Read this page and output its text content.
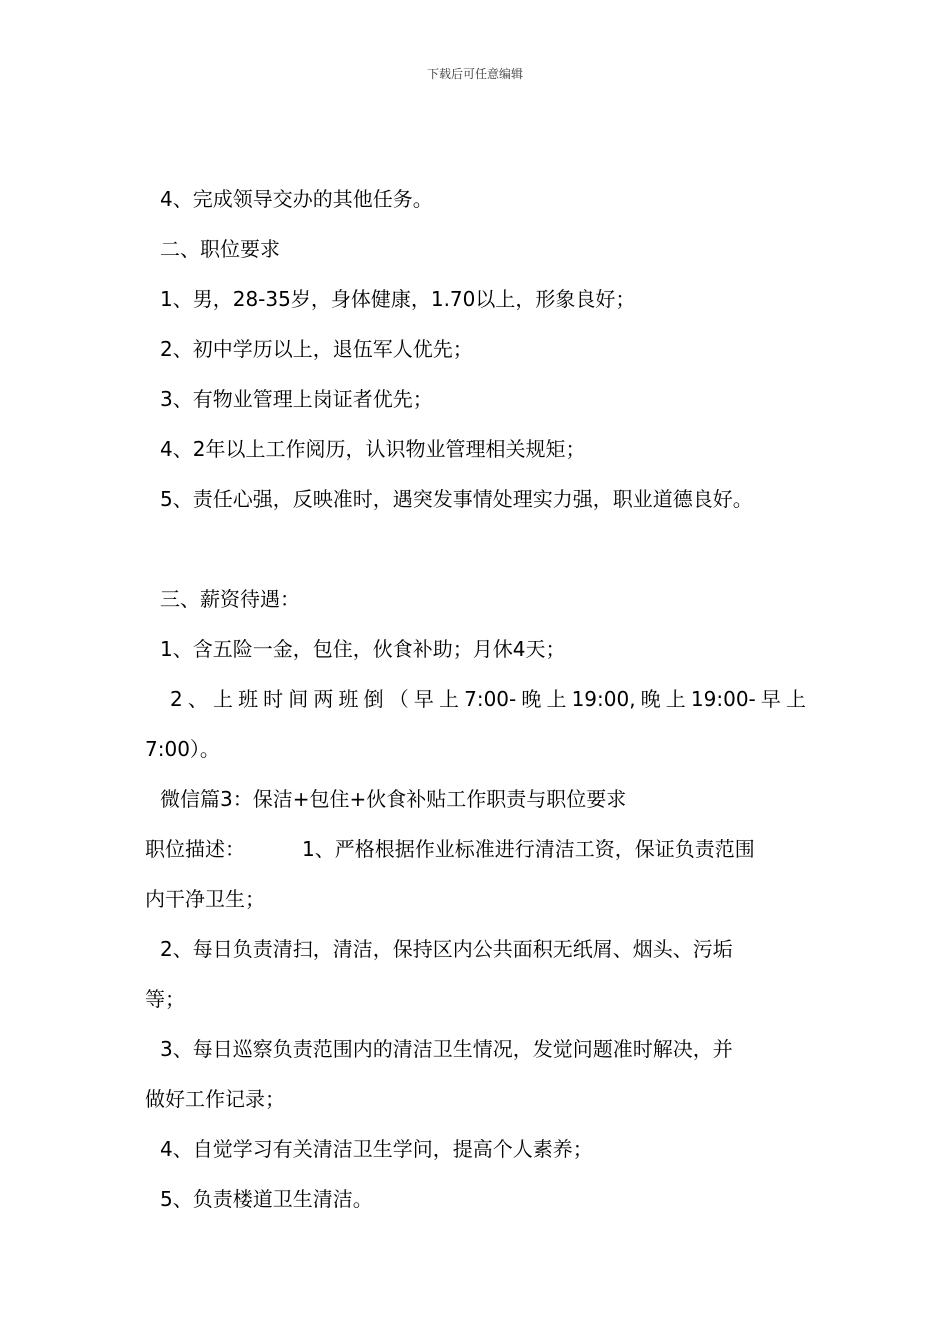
下载后可任意编辑
4、完成领导交办的其他任务。
二、职位要求
1、男，28-35岁，身体健康，1.70以上，形象良好；
2、初中学历以上，退伍军人优先；
3、有物业管理上岗证者优先；
4、2年以上工作阅历，认识物业管理相关规矩；
5、责任心强，反映准时，遇突发事情处理实力强，职业道德良好。
三、薪资待遇：
1、含五险一金，包住，伙食补助；月休4天；
2、上班时间两班倒（早上7:00-晚上19:00,晚上19:00-早上
7:00）。
微信篇3：保洁+包住+伙食补贴工作职责与职位要求
职位描述：	1、严格根据作业标准进行清洁工资，保证负责范围
内干净卫生；
2、每日负责清扫，清洁，保持区内公共面积无纸屑、烟头、污垢
等；
3、每日巡察负责范围内的清洁卫生情况，发觉问题准时解决，并
做好工作记录；
4、自觉学习有关清洁卫生学问，提高个人素养；
5、负责楼道卫生清洁。
